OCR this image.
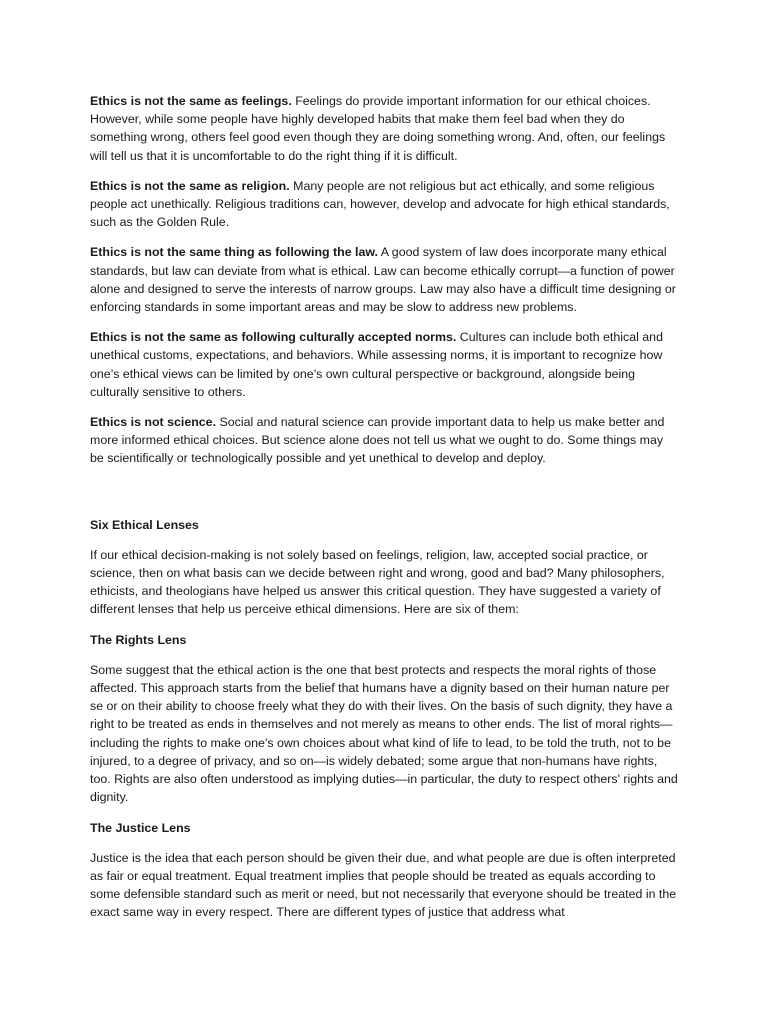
Ethics is not the same as feelings. Feelings do provide important information for our ethical choices. However, while some people have highly developed habits that make them feel bad when they do something wrong, others feel good even though they are doing something wrong. And, often, our feelings will tell us that it is uncomfortable to do the right thing if it is difficult.

Ethics is not the same as religion. Many people are not religious but act ethically, and some religious people act unethically. Religious traditions can, however, develop and advocate for high ethical standards, such as the Golden Rule.

Ethics is not the same thing as following the law. A good system of law does incorporate many ethical standards, but law can deviate from what is ethical. Law can become ethically corrupt—a function of power alone and designed to serve the interests of narrow groups. Law may also have a difficult time designing or enforcing standards in some important areas and may be slow to address new problems.

Ethics is not the same as following culturally accepted norms. Cultures can include both ethical and unethical customs, expectations, and behaviors. While assessing norms, it is important to recognize how one’s ethical views can be limited by one’s own cultural perspective or background, alongside being culturally sensitive to others.

Ethics is not science. Social and natural science can provide important data to help us make better and more informed ethical choices. But science alone does not tell us what we ought to do. Some things may be scientifically or technologically possible and yet unethical to develop and deploy.

Six Ethical Lenses

If our ethical decision-making is not solely based on feelings, religion, law, accepted social practice, or science, then on what basis can we decide between right and wrong, good and bad? Many philosophers, ethicists, and theologians have helped us answer this critical question. They have suggested a variety of different lenses that help us perceive ethical dimensions. Here are six of them:

The Rights Lens

Some suggest that the ethical action is the one that best protects and respects the moral rights of those affected. This approach starts from the belief that humans have a dignity based on their human nature per se or on their ability to choose freely what they do with their lives. On the basis of such dignity, they have a right to be treated as ends in themselves and not merely as means to other ends. The list of moral rights—including the rights to make one's own choices about what kind of life to lead, to be told the truth, not to be injured, to a degree of privacy, and so on—is widely debated; some argue that non-humans have rights, too. Rights are also often understood as implying duties—in particular, the duty to respect others' rights and dignity.

The Justice Lens

Justice is the idea that each person should be given their due, and what people are due is often interpreted as fair or equal treatment. Equal treatment implies that people should be treated as equals according to some defensible standard such as merit or need, but not necessarily that everyone should be treated in the exact same way in every respect. There are different types of justice that address what
